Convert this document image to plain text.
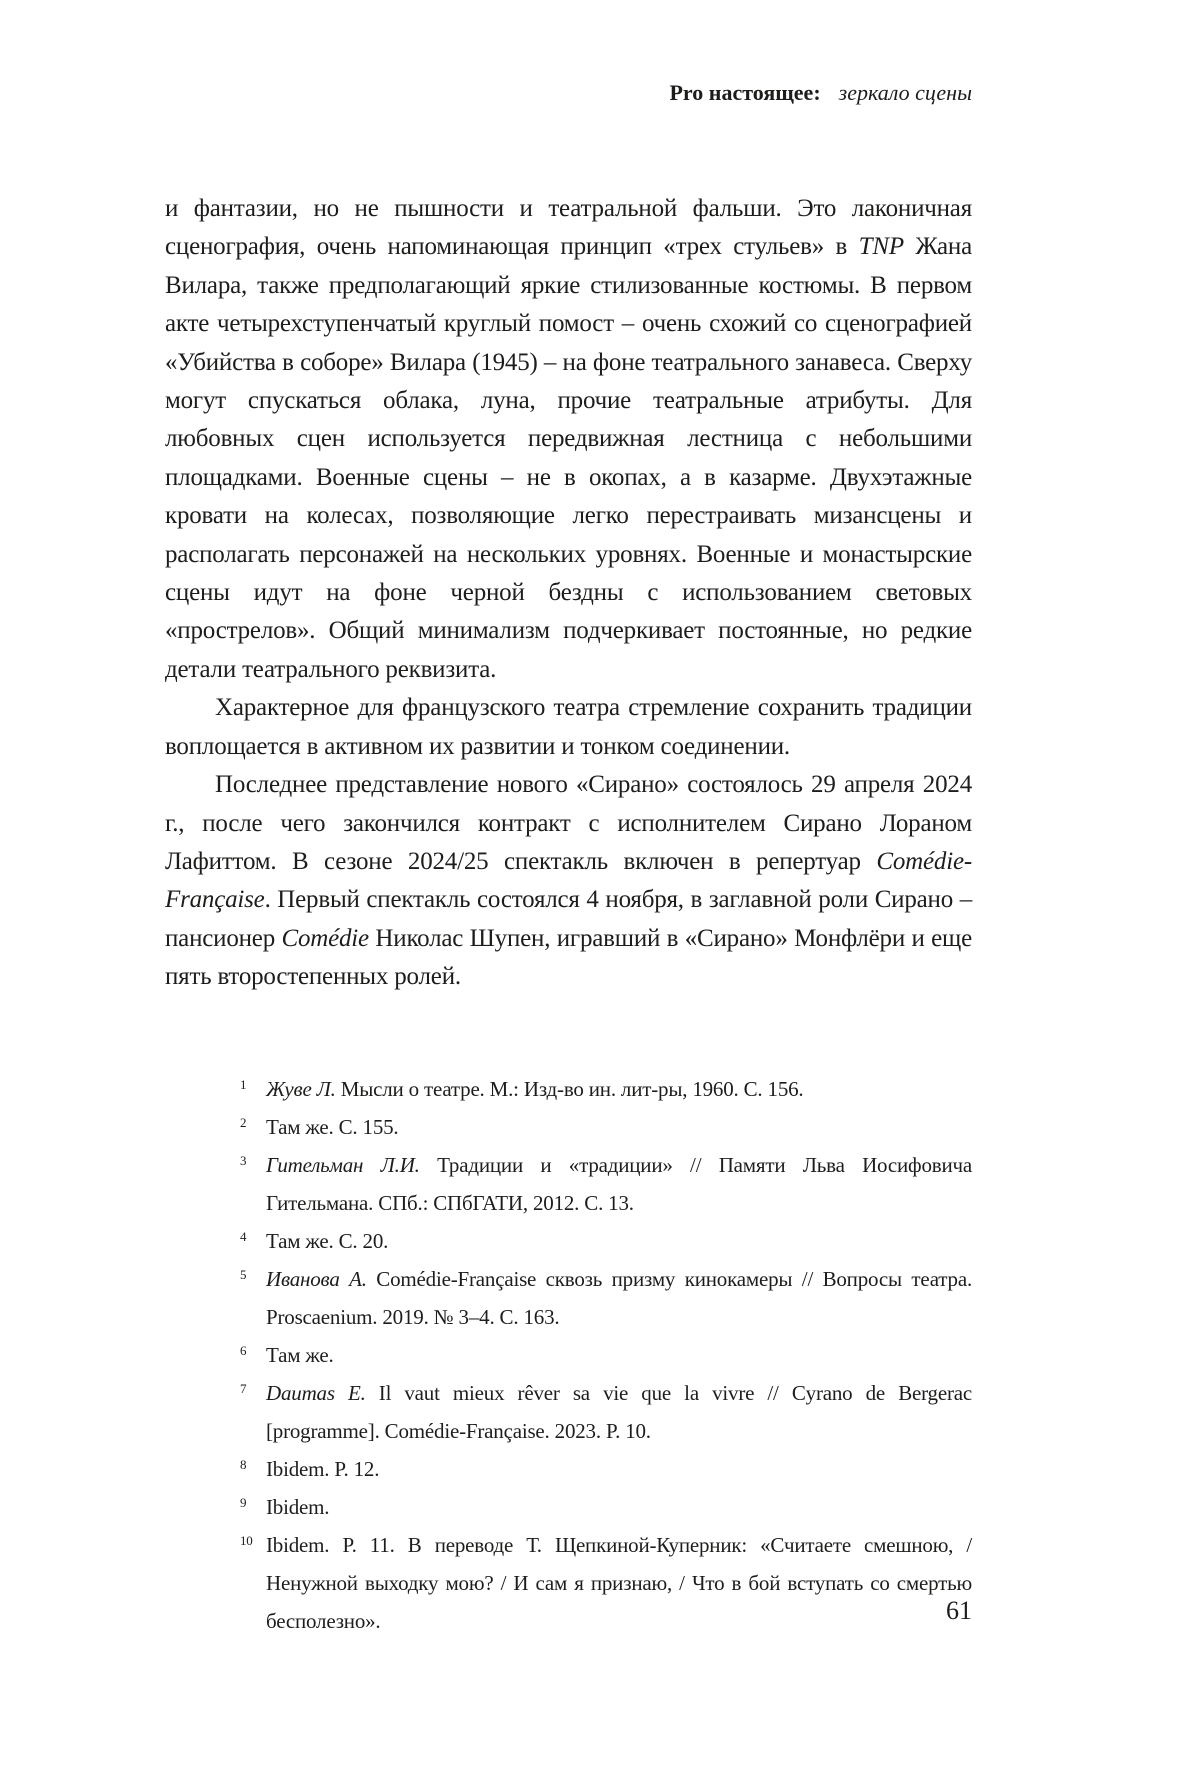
Pro настоящее: зеркало сцены

и фантазии, но не пышности и театральной фальши. Это лаконичная сценография, очень напоминающая принцип «трех стульев» в TNP Жана Вилара, также предполагающий яркие стилизованные костюмы. В первом акте четырехступенчатый круглый помост – очень схожий со сценографией «Убийства в соборе» Вилара (1945) – на фоне театрального занавеса. Сверху могут спускаться облака, луна, прочие театральные атрибуты. Для любовных сцен используется передвижная лестница с небольшими площадками. Военные сцены – не в окопах, а в казарме. Двухэтажные кровати на колесах, позволяющие легко перестраивать мизансцены и располагать персонажей на нескольких уровнях. Военные и монастырские сцены идут на фоне черной бездны с использованием световых «прострелов». Общий минимализм подчеркивает постоянные, но редкие детали театрального реквизита.

Характерное для французского театра стремление сохранить традиции воплощается в активном их развитии и тонком соединении.

Последнее представление нового «Сирано» состоялось 29 апреля 2024 г., после чего закончился контракт с исполнителем Сирано Лораном Лафиттом. В сезоне 2024/25 спектакль включен в репертуар Comédie-Française. Первый спектакль состоялся 4 ноября, в заглавной роли Сирано – пансионер Comédie Николас Шупен, игравший в «Сирано» Монфлёри и еще пять второстепенных ролей.

1 Жуве Л. Мысли о театре. М.: Изд-во ин. лит-ры, 1960. С. 156.
2 Там же. С. 155.
3 Гительман Л.И. Традиции и «традиции» // Памяти Льва Иосифовича Гительмана. СПб.: СПбГАТИ, 2012. С. 13.
4 Там же. С. 20.
5 Иванова А. Comédie-Française сквозь призму кинокамеры // Вопросы театра. Proscaenium. 2019. № 3–4. С. 163.
6 Там же.
7 Daumas E. Il vaut mieux rêver sa vie que la vivre // Cyrano de Bergerac [programme]. Comédie-Française. 2023. P. 10.
8 Ibidem. P. 12.
9 Ibidem.
10 Ibidem. P. 11. В переводе Т. Щепкиной-Куперник: «Считаете смешною, / Ненужной выходку мою? / И сам я признаю, / Что в бой вступать со смертью бесполезно».	61
